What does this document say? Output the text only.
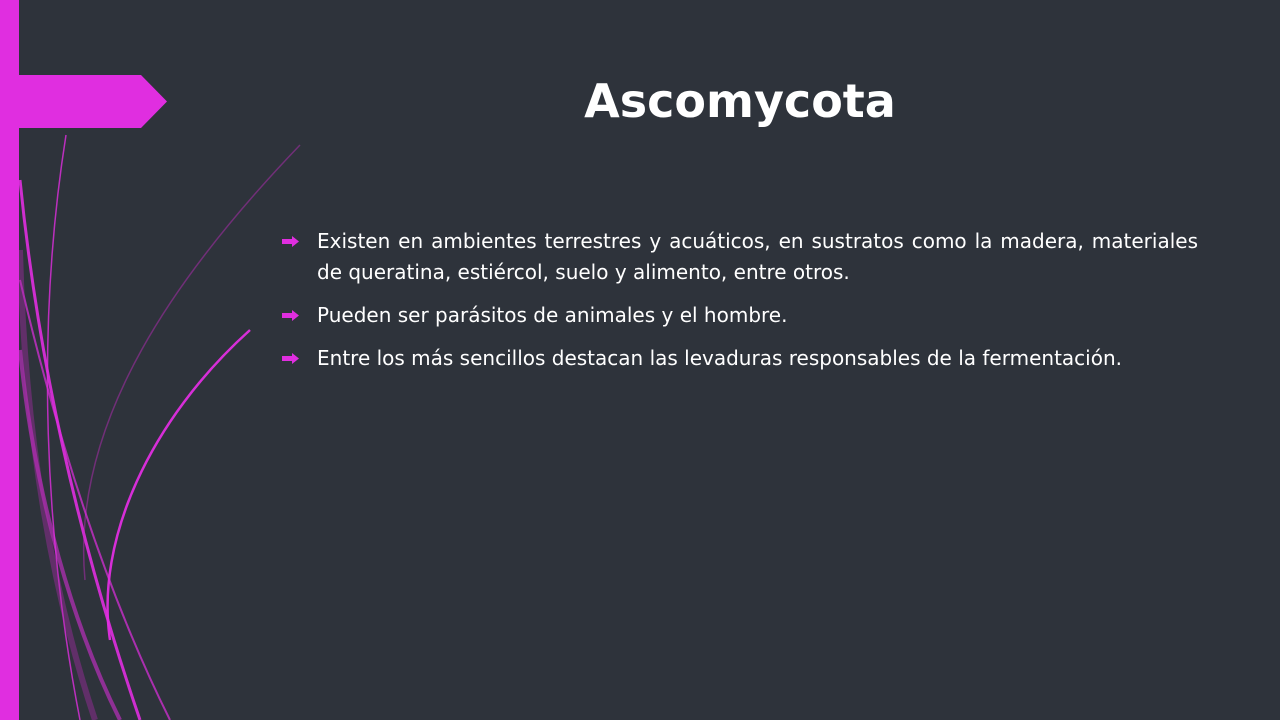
Ascomycota
Existen en ambientes terrestres y acuáticos, en sustratos como la madera, materiales de queratina, estiércol, suelo y alimento, entre otros.
Pueden ser parásitos de animales y el hombre.
Entre los más sencillos destacan las levaduras responsables de la fermentación.
